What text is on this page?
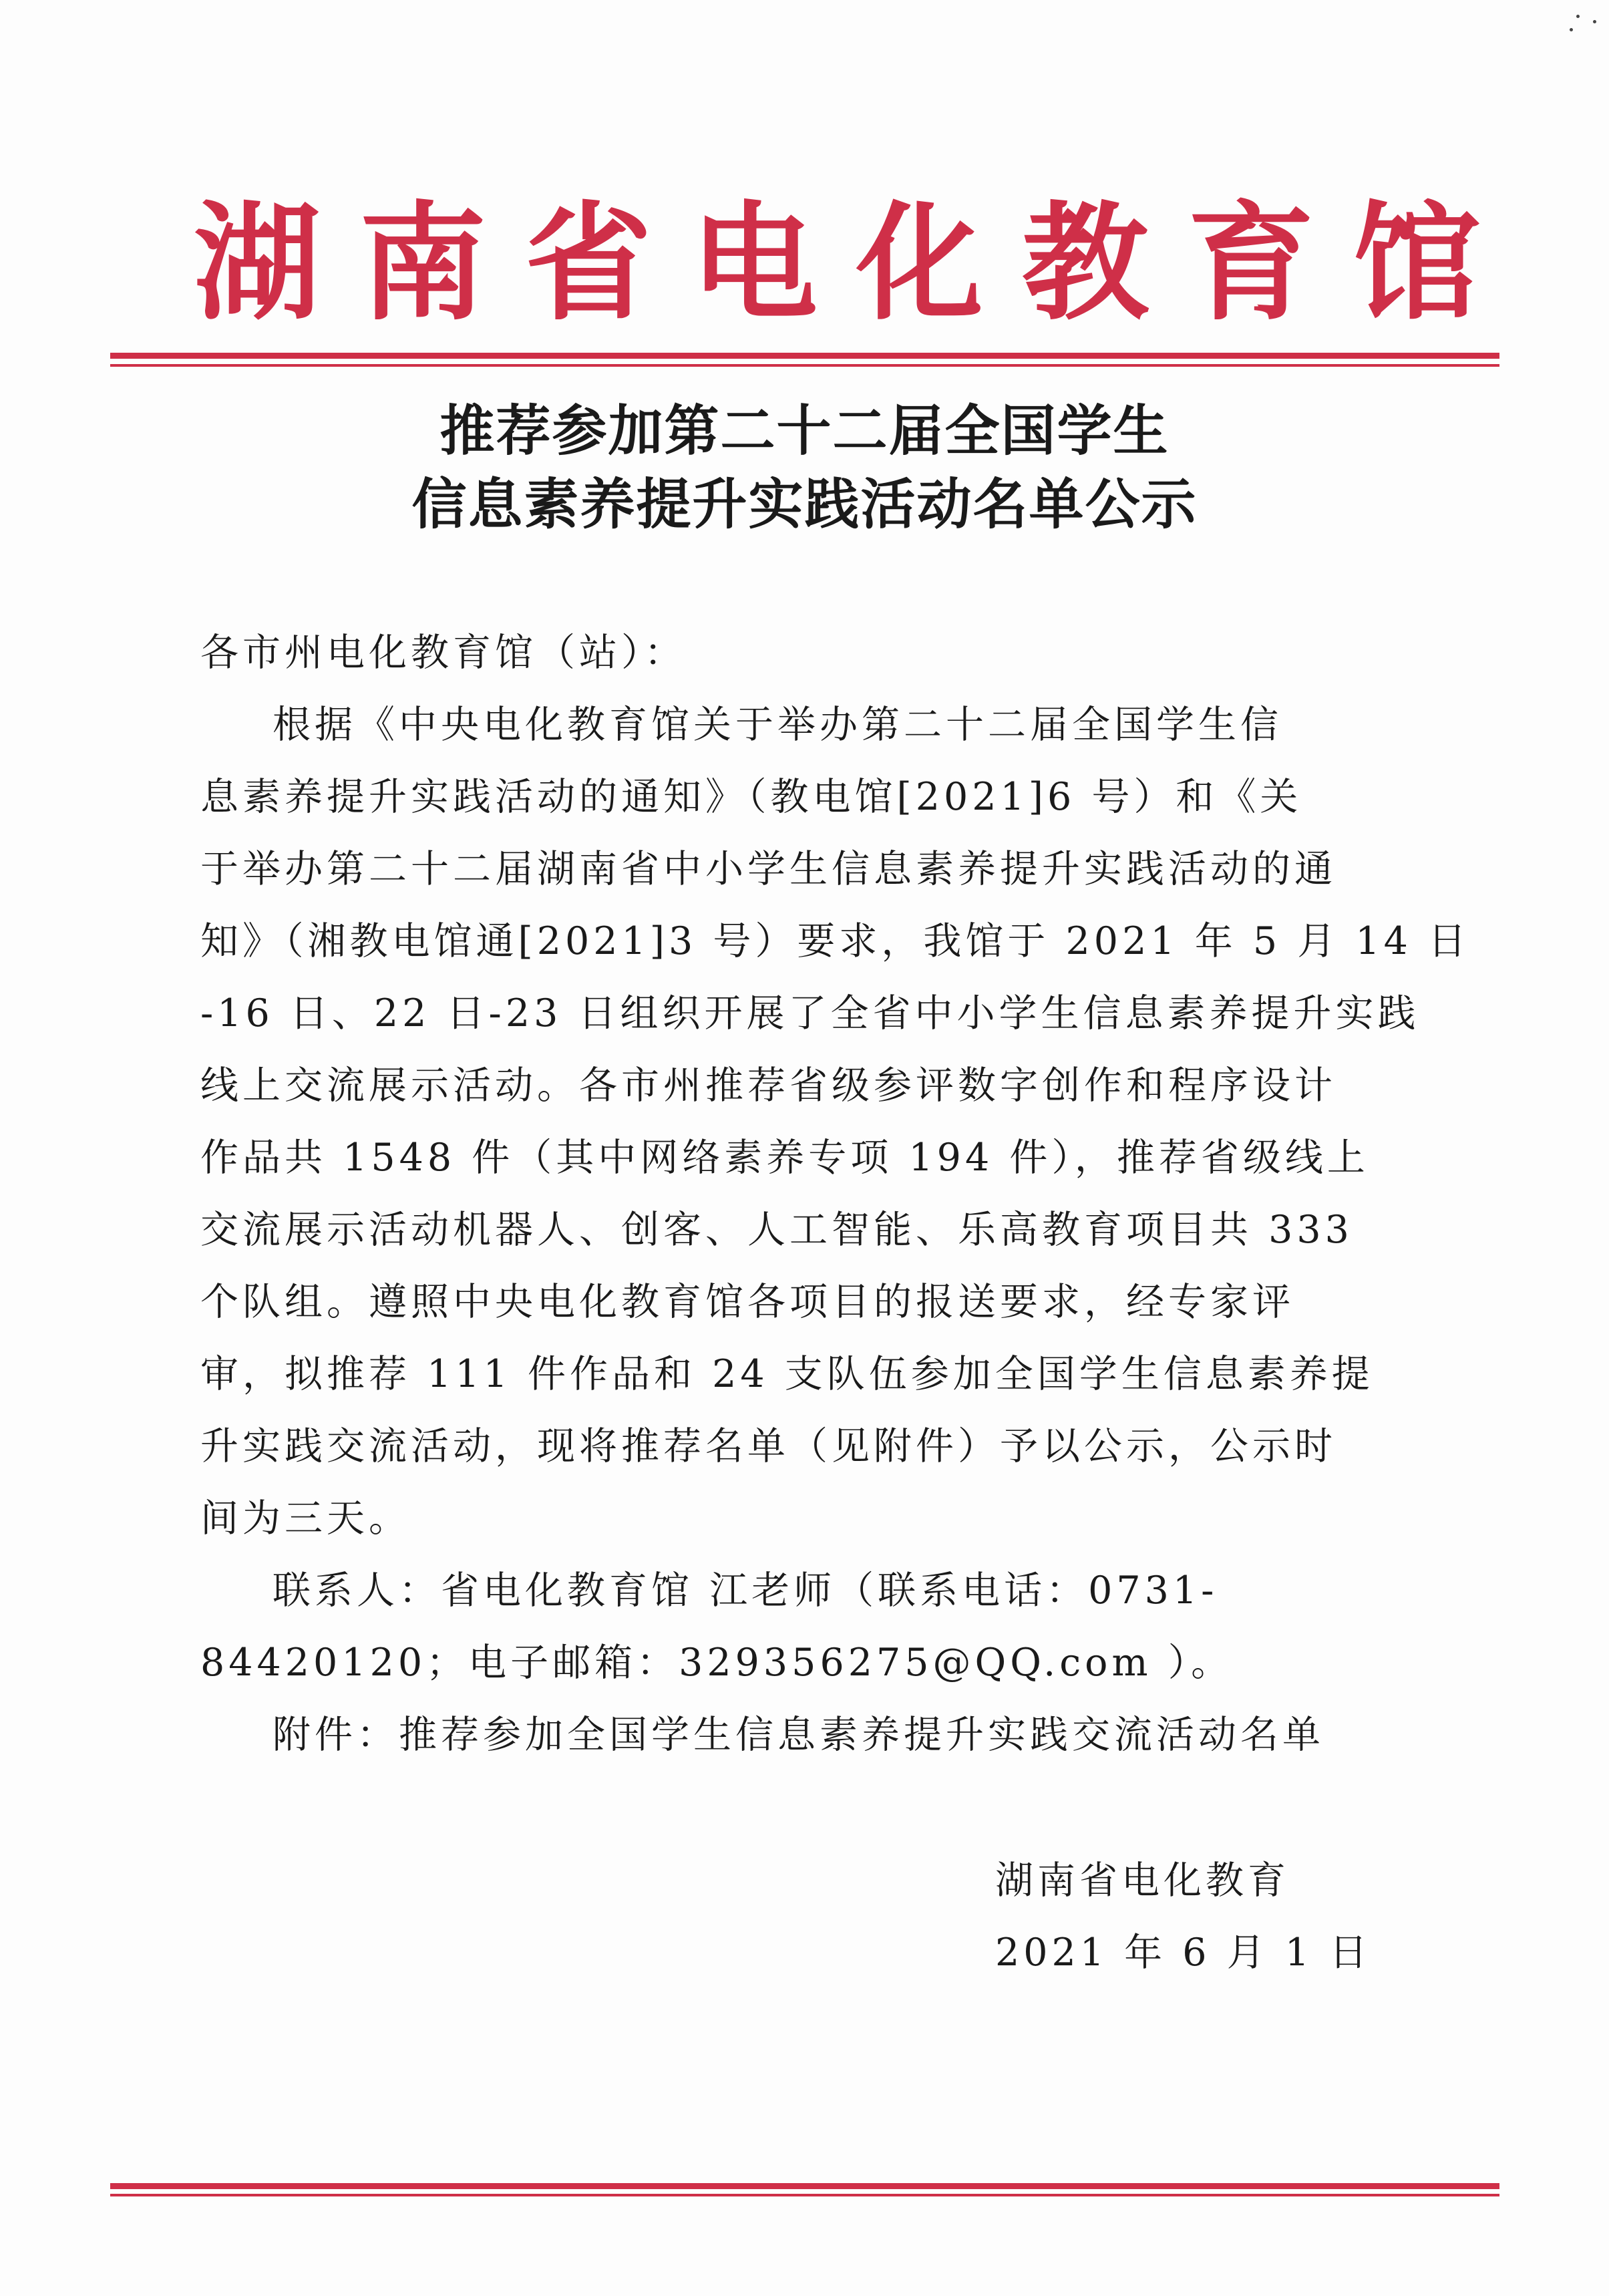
湖南省电化教育馆
推荐参加第二十二届全国学生
信息素养提升实践活动名单公示
各市州电化教育馆（站）：
根据《中央电化教育馆关于举办第二十二届全国学生信
息素养提升实践活动的通知》（教电馆[2021]6 号）和《关
于举办第二十二届湖南省中小学生信息素养提升实践活动的通
知》（湘教电馆通[2021]3 号）要求，我馆于 2021 年 5 月 14 日
-16 日、22 日-23 日组织开展了全省中小学生信息素养提升实践
线上交流展示活动。各市州推荐省级参评数字创作和程序设计
作品共 1548 件（其中网络素养专项 194 件），推荐省级线上
交流展示活动机器人、创客、人工智能、乐高教育项目共 333
个队组。遵照中央电化教育馆各项目的报送要求，经专家评
审，拟推荐 111 件作品和 24 支队伍参加全国学生信息素养提
升实践交流活动，现将推荐名单（见附件）予以公示，公示时
间为三天。
联系人：省电化教育馆 江老师（联系电话：0731-
84420120；电子邮箱：329356275@QQ.com ）。
附件：推荐参加全国学生信息素养提升实践交流活动名单
湖南省电化教育
2021 年 6 月 1 日
